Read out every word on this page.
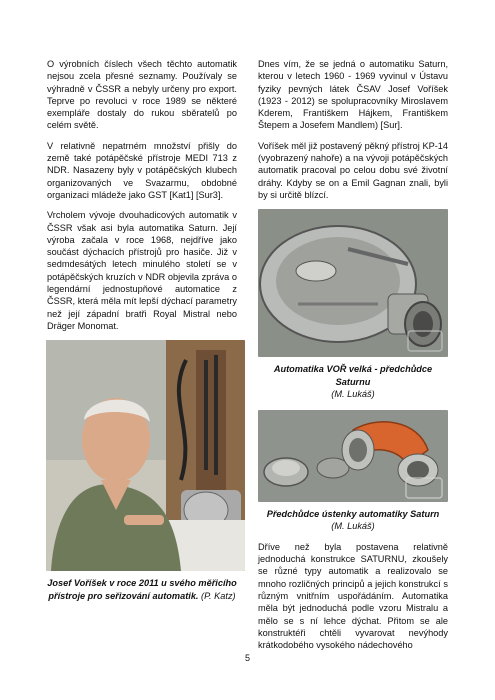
O výrobních číslech všech těchto automatik nejsou zcela přesné seznamy. Používaly se výhradně v ČSSR a nebyly určeny pro export. Teprve po revoluci v roce 1989 se některé exempláře dostaly do rukou sběratelů po celém světě.

V relativně nepatrném množství přišly do země také potápěčské přístroje MEDI 713 z NDR. Nasazeny byly v potápěčských klubech organizovaných ve Svazarmu, obdobné organizaci mládeže jako GST [Kat1] [Sur3].

Vrcholem vývoje dvouhadicových automatik v ČSSR však asi byla automatika Saturn. Její výroba začala v roce 1968, nejdříve jako součást dýchacích přístrojů pro hasiče. Již v sedmdesátých letech minulého století se v potápěčských kruzích v NDR objevila zpráva o legendární jednostupňové automatice z ČSSR, která měla mít lepší dýchací parametry než její západní bratři Royal Mistral nebo Dräger Monomat.

Josef Voříšek v roce 2011 u svého měřicího přístroje pro seřizování automatik. (P. Katz)

Dnes vím, že se jedná o automatiku Saturn, kterou v letech 1960 - 1969 vyvinul v Ústavu fyziky pevných látek ČSAV Josef Voříšek (1923 - 2012) se spolupracovníky Miroslavem Kderem, Františkem Hájkem, Františkem Štepem a Josefem Mandlem) [Sur].

Voříšek měl již postavený pěkný přístroj KP-14 (vyobrazený nahoře) a na vývoji potápěčských automatik pracoval po celou dobu své životní dráhy. Kdyby se on a Emil Gagnan znali, byli by si určitě blízcí.

Automatika VOŘ velká - předchůdce Saturnu
(M. Lukáš)

Předchůdce ústenky automatiky Saturn
(M. Lukáš)

Dříve než byla postavena relativně jednoduchá konstrukce SATURNU, zkoušely se různé typy automatik a realizovalo se mnoho rozličných principů a jejich konstrukcí s různým vnitřním uspořádáním. Automatika měla být jednoduchá podle vzoru Mistralu a mělo se s ní lehce dýchat. Přitom se ale konstruktéři chtěli vyvarovat nevýhody krátkodobého vysokého nádechového

5
